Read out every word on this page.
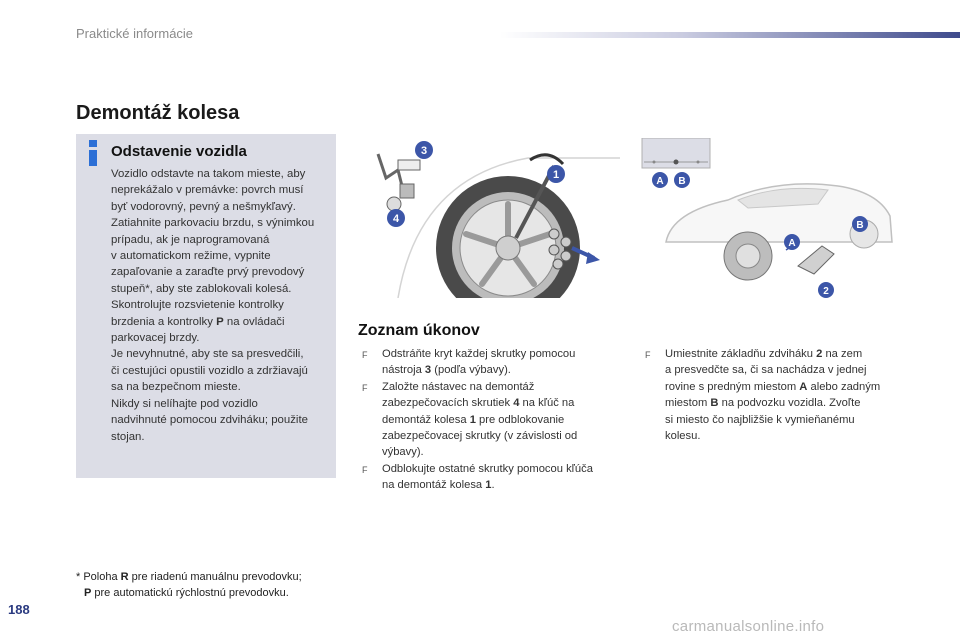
Praktické informácie
Demontáž kolesa
Odstavenie vozidla

Vozidlo odstavte na takom mieste, aby

neprekážalo v premávke: povrch musí

byť vodorovný, pevný a nešmykľavý.

Zatiahnite parkovaciu brzdu, s výnimkou

prípadu, ak je naprogramovaná

v automatickom režime, vypnite

zapaľovanie a zaraďte prvý prevodový

stupeň*, aby ste zablokovali kolesá.

Skontrolujte rozsvietenie kontrolky

brzdenia a kontrolky P na ovládači

parkovacej brzdy.

Je nevyhnutné, aby ste sa presvedčili,

či cestujúci opustili vozidlo a zdržiavajú

sa na bezpečnom mieste.

Nikdy si nelíhajte pod vozidlo

nadvihnuté pomocou zdviháku; použite

stojan.

3
1
4
A B
A
B
2
Zoznam úkonov
F Odstráňte kryt každej skrutky pomocou
nástroja 3 (podľa výbavy).
F Založte nástavec na demontáž
zabezpečovacích skrutiek 4 na kľúč na
demontáž kolesa 1 pre odblokovanie
zabezpečovacej skrutky (v závislosti od
výbavy).
F Odblokujte ostatné skrutky pomocou kľúča
na demontáž kolesa 1.
F Umiestnite základňu zdviháku 2 na zem
a presvedčte sa, či sa nachádza v jednej
rovine s predným miestom A alebo zadným
miestom B na podvozku vozidla. Zvoľte
si miesto čo najbližšie k vymieňanému
kolesu.
* Poloha R pre riadenú manuálnu prevodovku;
P pre automatickú rýchlostnú prevodovku.
188
carmanualsonline.info
